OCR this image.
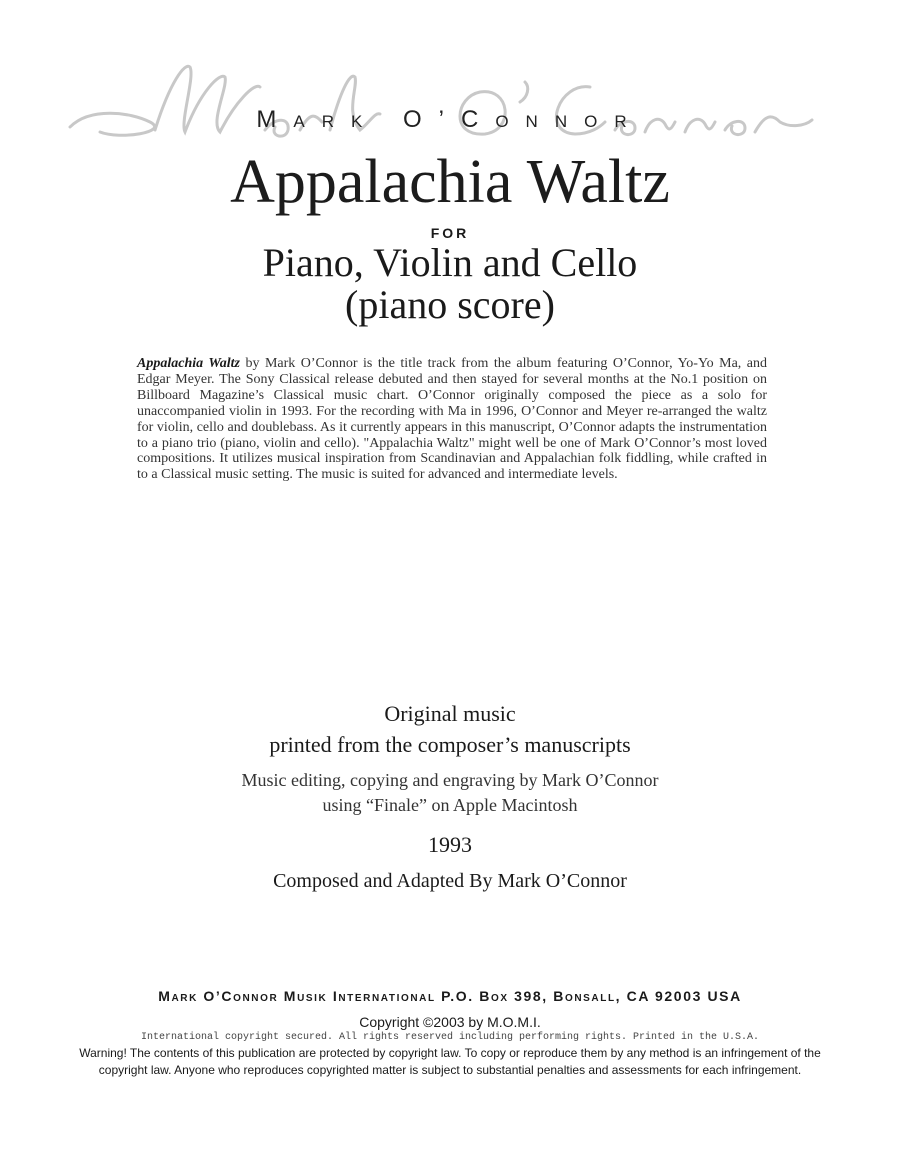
Mark O’Connor
Appalachia Waltz
FOR
Piano, Violin and Cello
(piano score)

Appalachia Waltz by Mark O’Connor is the title track from the album featuring O’Connor, Yo-Yo Ma, and Edgar Meyer. The Sony Classical release debuted and then stayed for several months at the No.1 position on Billboard Magazine’s Classical music chart. O’Connor originally composed the piece as a solo for unaccompanied violin in 1993. For the recording with Ma in 1996, O’Connor and Meyer re-arranged the waltz for violin, cello and doublebass. As it currently appears in this manuscript, O’Connor adapts the instrumentation to a piano trio (piano, violin and cello). "Appalachia Waltz" might well be one of Mark O’Connor’s most loved compositions. It utilizes musical inspiration from Scandinavian and Appalachian folk fiddling, while crafted in to a Classical music setting. The music is suited for advanced and intermediate levels.

Original music
printed from the composer’s manuscripts
Music editing, copying and engraving by Mark O’Connor
using “Finale” on Apple Macintosh
1993
Composed and Adapted By Mark O’Connor
Mark O’Connor Musik International P.O. Box 398, Bonsall, CA 92003 USA
Copyright ©2003 by M.O.M.I.
International copyright secured. All rights reserved including performing rights. Printed in the U.S.A.
Warning! The contents of this publication are protected by copyright law. To copy or reproduce them by any method is an infringement of the copyright law. Anyone who reproduces copyrighted matter is subject to substantial penalties and assessments for each infringement.
